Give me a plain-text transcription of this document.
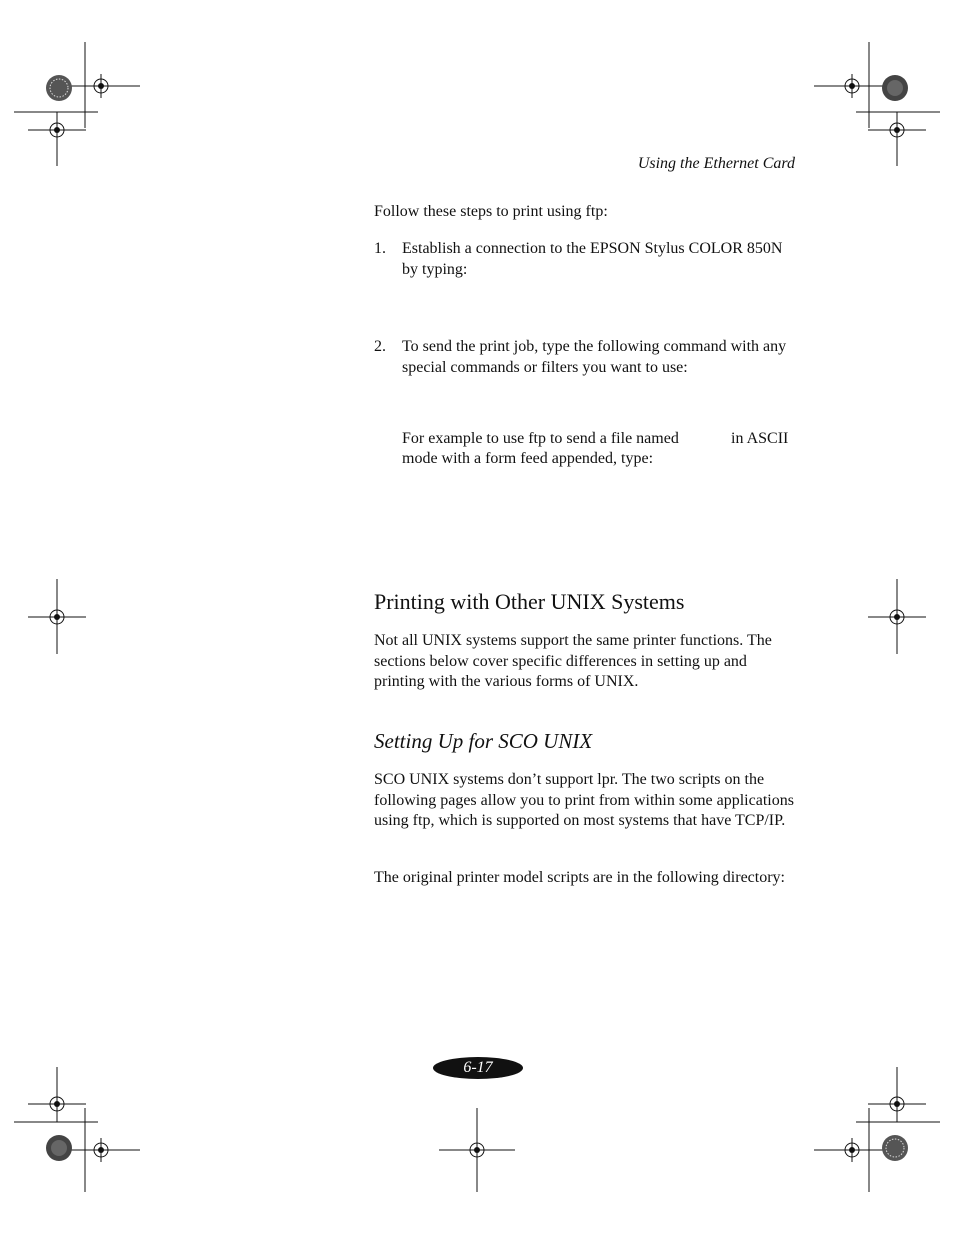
Using the Ethernet Card
Follow these steps to print using ftp:
1. Establish a connection to the EPSON Stylus COLOR 850N by typing:
2. To send the print job, type the following command with any special commands or filters you want to use:
For example to use ftp to send a file named	in ASCII
mode with a form feed appended, type:
Printing with Other UNIX Systems
Not all UNIX systems support the same printer functions. The sections below cover specific differences in setting up and printing with the various forms of UNIX.
Setting Up for SCO UNIX
SCO UNIX systems don’t support lpr. The two scripts on the following pages allow you to print from within some applications using ftp, which is supported on most systems that have TCP/IP.
The original printer model scripts are in the following directory:
6-17
